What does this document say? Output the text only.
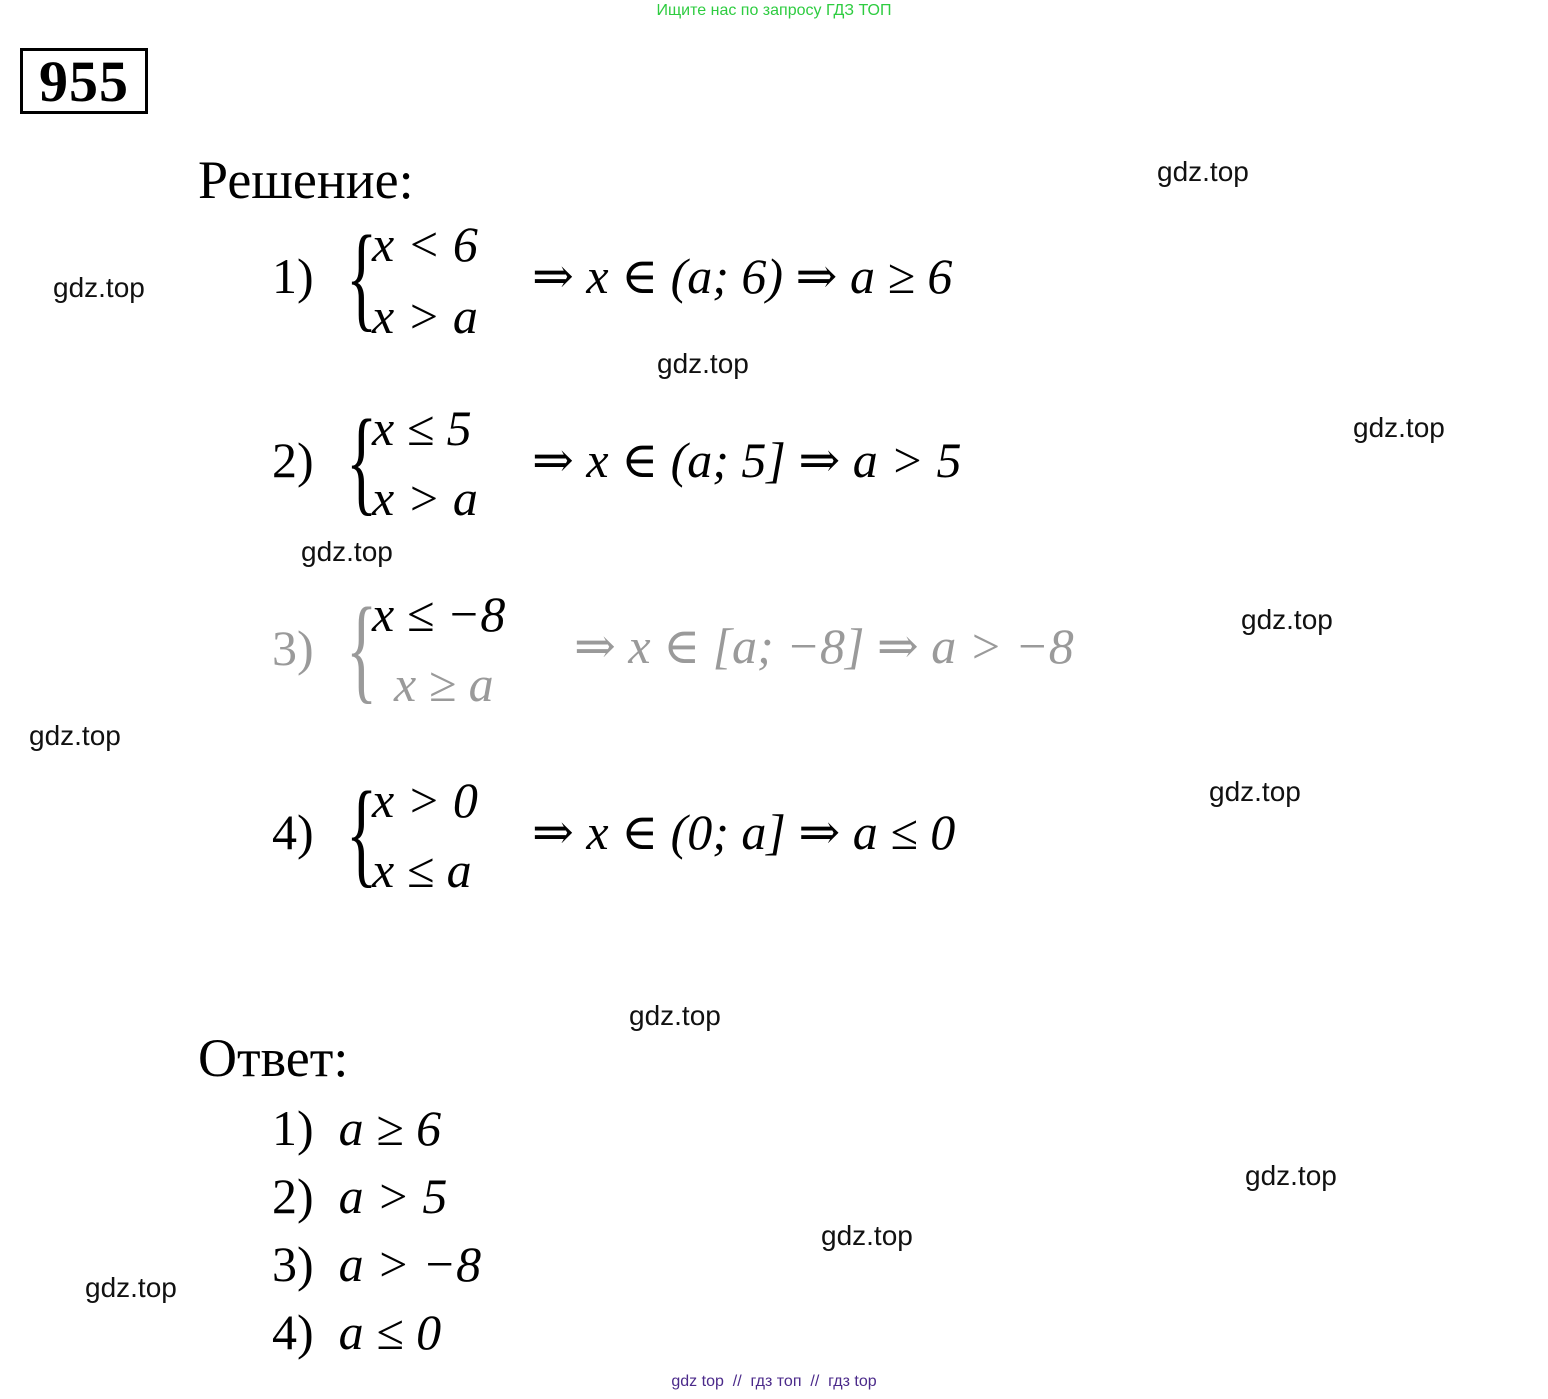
Ищите нас по запросу ГДЗ ТОП
955
Решение:
1) {
x < 6
x > a
⇒ x ∈ (a; 6) ⇒ a ≥ 6
2) {
x ≤ 5
x > a
⇒ x ∈ (a; 5] ⇒ a > 5
3) {
x ≤ −8
x ≥ a
⇒ x ∈ [a; −8] ⇒ a > −8
4) {
x > 0
x ≤ a
⇒ x ∈ (0; a] ⇒ a ≤ 0
Ответ:
1) a ≥ 6
2) a > 5
3) a > −8
4) a ≤ 0
gdz.top
gdz.top
gdz.top
gdz.top
gdz.top
gdz.top
gdz.top
gdz.top
gdz.top
gdz.top
gdz.top
gdz.top
gdz top  //  гдз топ  //  гдз top
